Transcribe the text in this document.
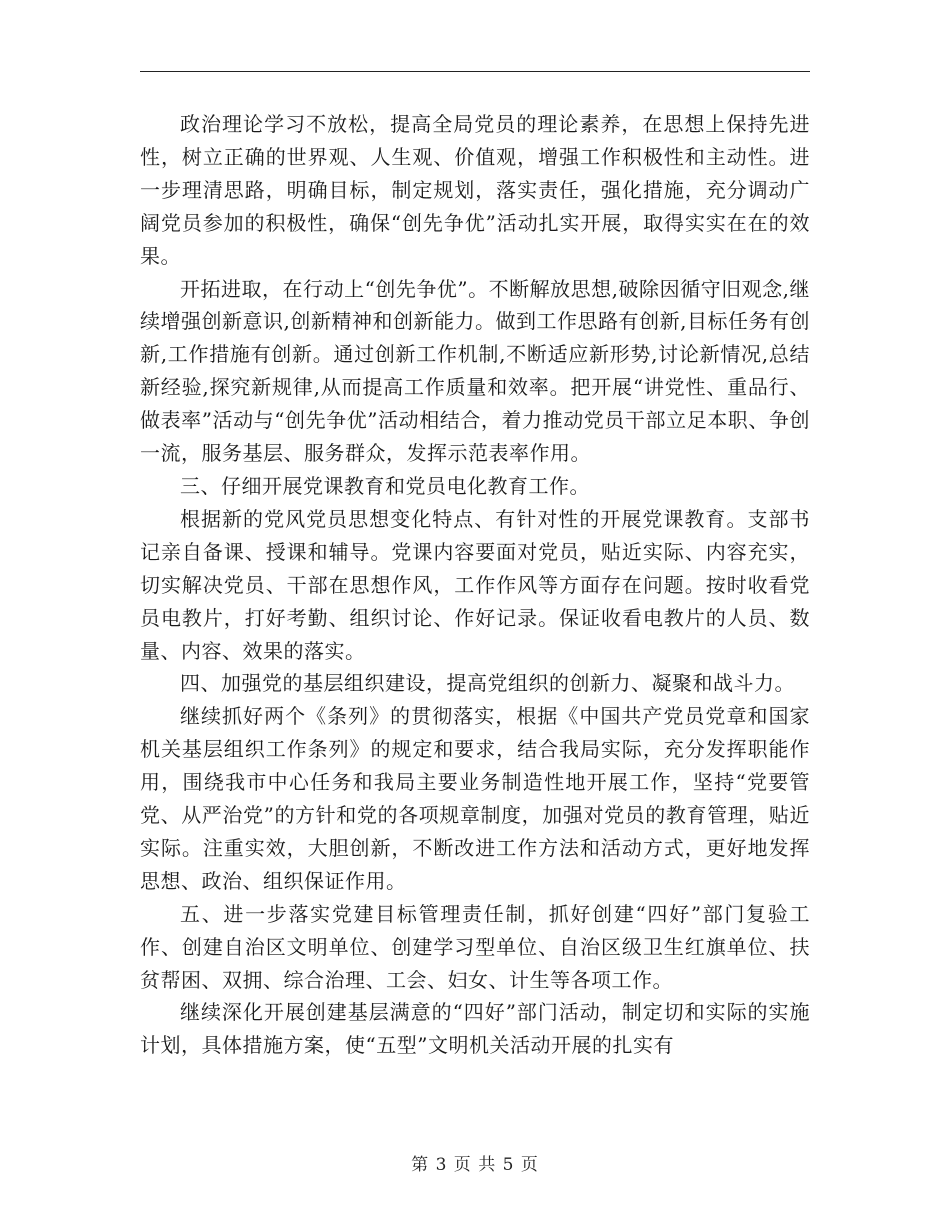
政治理论学习不放松，提高全局党员的理论素养，在思想上保持先进性，树立正确的世界观、人生观、价值观，增强工作积极性和主动性。进一步理清思路，明确目标，制定规划，落实责任，强化措施，充分调动广阔党员参加的积极性，确保“创先争优”活动扎实开展，取得实实在在的效果。

开拓进取，在行动上“创先争优”。不断解放思想,破除因循守旧观念,继续增强创新意识,创新精神和创新能力。做到工作思路有创新,目标任务有创新,工作措施有创新。通过创新工作机制,不断适应新形势,讨论新情况,总结新经验,探究新规律,从而提高工作质量和效率。把开展“讲党性、重品行、做表率”活动与“创先争优”活动相结合，着力推动党员干部立足本职、争创一流，服务基层、服务群众，发挥示范表率作用。

三、仔细开展党课教育和党员电化教育工作。

根据新的党风党员思想变化特点、有针对性的开展党课教育。支部书记亲自备课、授课和辅导。党课内容要面对党员，贴近实际、内容充实，切实解决党员、干部在思想作风，工作作风等方面存在问题。按时收看党员电教片，打好考勤、组织讨论、作好记录。保证收看电教片的人员、数量、内容、效果的落实。

四、加强党的基层组织建设，提高党组织的创新力、凝聚和战斗力。

继续抓好两个《条列》的贯彻落实，根据《中国共产党员党章和国家机关基层组织工作条列》的规定和要求，结合我局实际，充分发挥职能作用，围绕我市中心任务和我局主要业务制造性地开展工作，坚持“党要管党、从严治党”的方针和党的各项规章制度，加强对党员的教育管理，贴近实际。注重实效，大胆创新，不断改进工作方法和活动方式，更好地发挥思想、政治、组织保证作用。

五、进一步落实党建目标管理责任制，抓好创建“四好”部门复验工作、创建自治区文明单位、创建学习型单位、自治区级卫生红旗单位、扶贫帮困、双拥、综合治理、工会、妇女、计生等各项工作。

继续深化开展创建基层满意的“四好”部门活动，制定切和实际的实施计划，具体措施方案，使“五型”文明机关活动开展的扎实有

第 3 页 共 5 页
